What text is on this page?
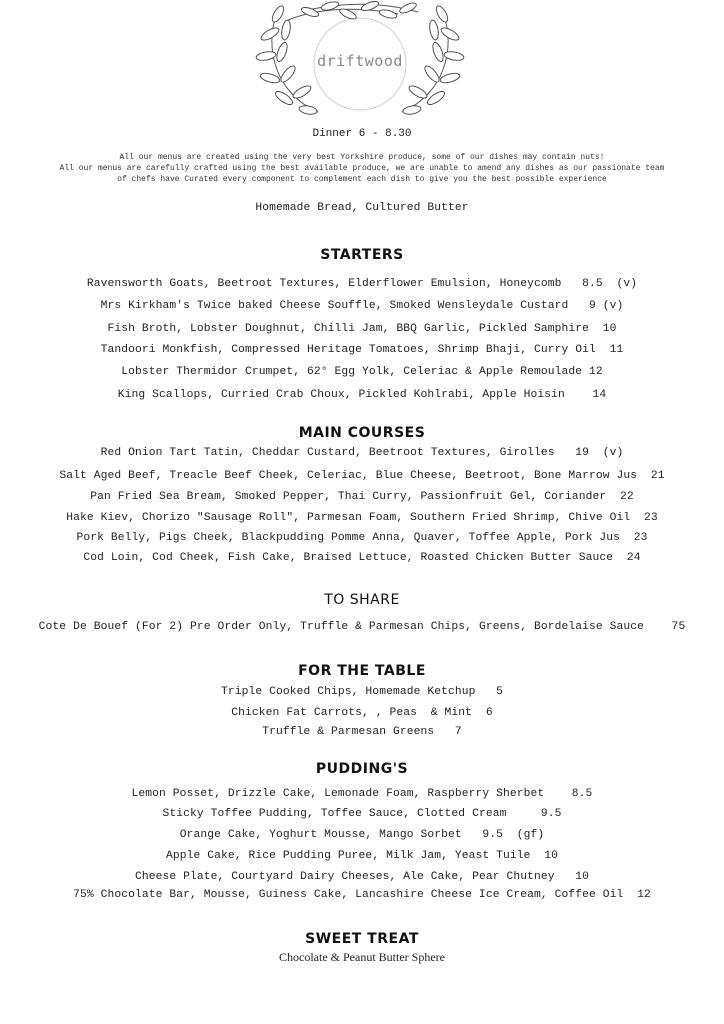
driftwood
Dinner 6 - 8.30
All our menus are created using the very best Yorkshire produce, some of our dishes may contain nuts!
All our menus are carefully crafted using the best available produce, we are unable to amend any dishes as our passionate team
of chefs have Curated every component to complement each dish to give you the best possible experience
Homemade Bread, Cultured Butter
STARTERS
Ravensworth Goats, Beetroot Textures, Elderflower Emulsion, Honeycomb   8.5  (v)
Mrs Kirkham's Twice baked Cheese Souffle, Smoked Wensleydale Custard   9 (v)
Fish Broth, Lobster Doughnut, Chilli Jam, BBQ Garlic, Pickled Samphire  10
Tandoori Monkfish, Compressed Heritage Tomatoes, Shrimp Bhaji, Curry Oil  11
Lobster Thermidor Crumpet, 62° Egg Yolk, Celeriac & Apple Remoulade 12
King Scallops, Curried Crab Choux, Pickled Kohlrabi, Apple Hoisin    14
MAIN COURSES
Red Onion Tart Tatin, Cheddar Custard, Beetroot Textures, Girolles   19  (v)
Salt Aged Beef, Treacle Beef Cheek, Celeriac, Blue Cheese, Beetroot, Bone Marrow Jus  21
Pan Fried Sea Bream, Smoked Pepper, Thai Curry, Passionfruit Gel, Coriander  22
Hake Kiev, Chorizo "Sausage Roll", Parmesan Foam, Southern Fried Shrimp, Chive Oil  23
Pork Belly, Pigs Cheek, Blackpudding Pomme Anna, Quaver, Toffee Apple, Pork Jus  23
Cod Loin, Cod Cheek, Fish Cake, Braised Lettuce, Roasted Chicken Butter Sauce  24
TO SHARE
Cote De Bouef (For 2) Pre Order Only, Truffle & Parmesan Chips, Greens, Bordelaise Sauce    75
FOR THE TABLE
Triple Cooked Chips, Homemade Ketchup   5
Chicken Fat Carrots, , Peas  & Mint  6
Truffle & Parmesan Greens   7
PUDDING'S
Lemon Posset, Drizzle Cake, Lemonade Foam, Raspberry Sherbet    8.5
Sticky Toffee Pudding, Toffee Sauce, Clotted Cream     9.5
Orange Cake, Yoghurt Mousse, Mango Sorbet   9.5  (gf)
Apple Cake, Rice Pudding Puree, Milk Jam, Yeast Tuile  10
Cheese Plate, Courtyard Dairy Cheeses, Ale Cake, Pear Chutney   10
75% Chocolate Bar, Mousse, Guiness Cake, Lancashire Cheese Ice Cream, Coffee Oil  12
SWEET TREAT
Chocolate & Peanut Butter Sphere
